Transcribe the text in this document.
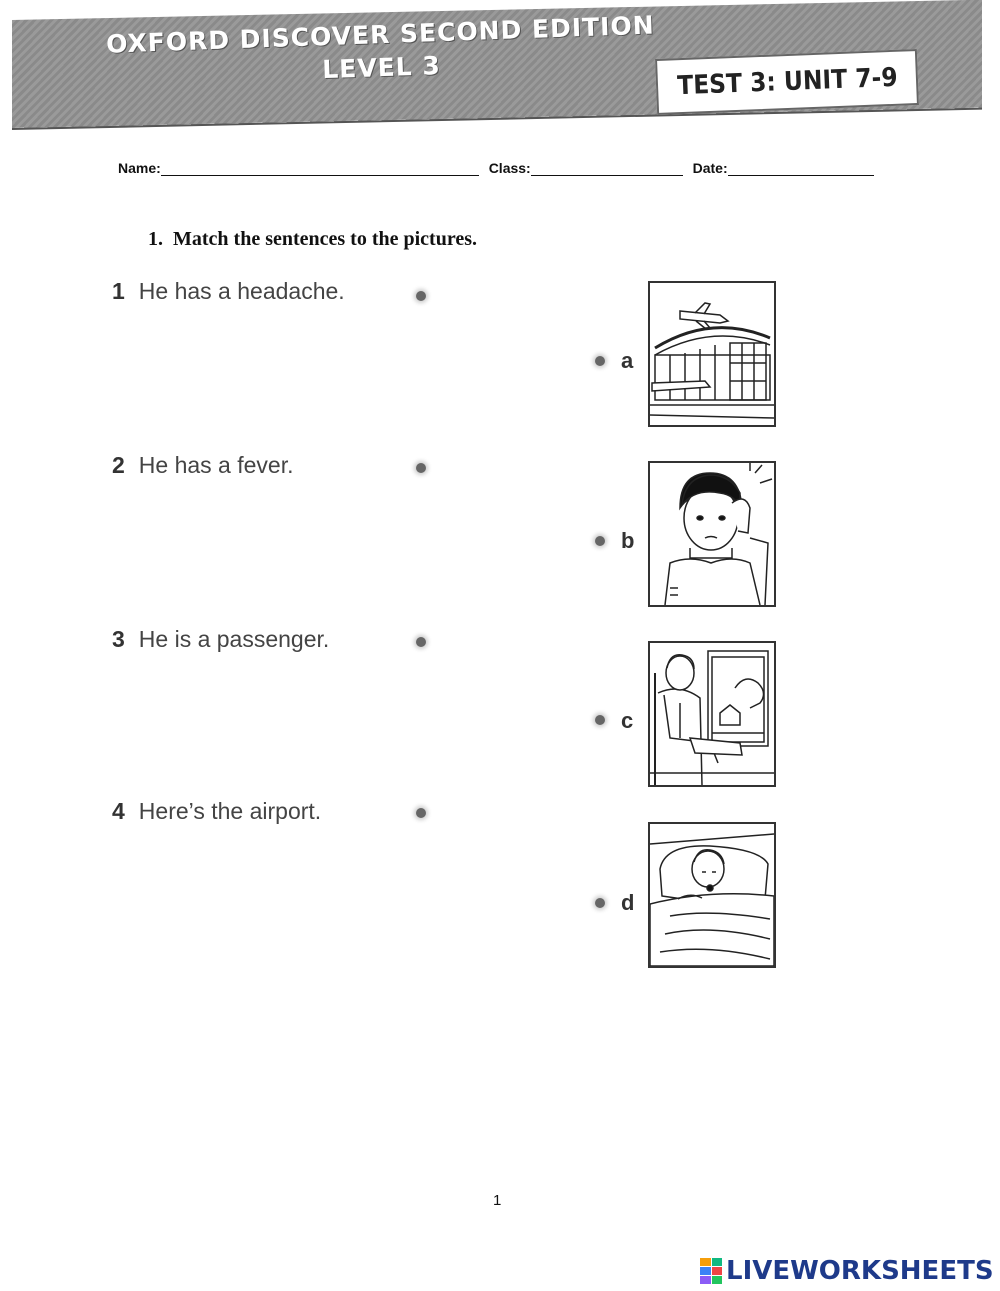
OXFORD DISCOVER SECOND EDITION
LEVEL 3	TEST 3: UNIT 7-9
Name:	Class:	Date:
1. Match the sentences to the pictures.
1 He has a headache.
2 He has a fever.
3 He is a passenger.
4 Here’s the airport.
a
b
c
d
1
LIVEWORKSHEETS
